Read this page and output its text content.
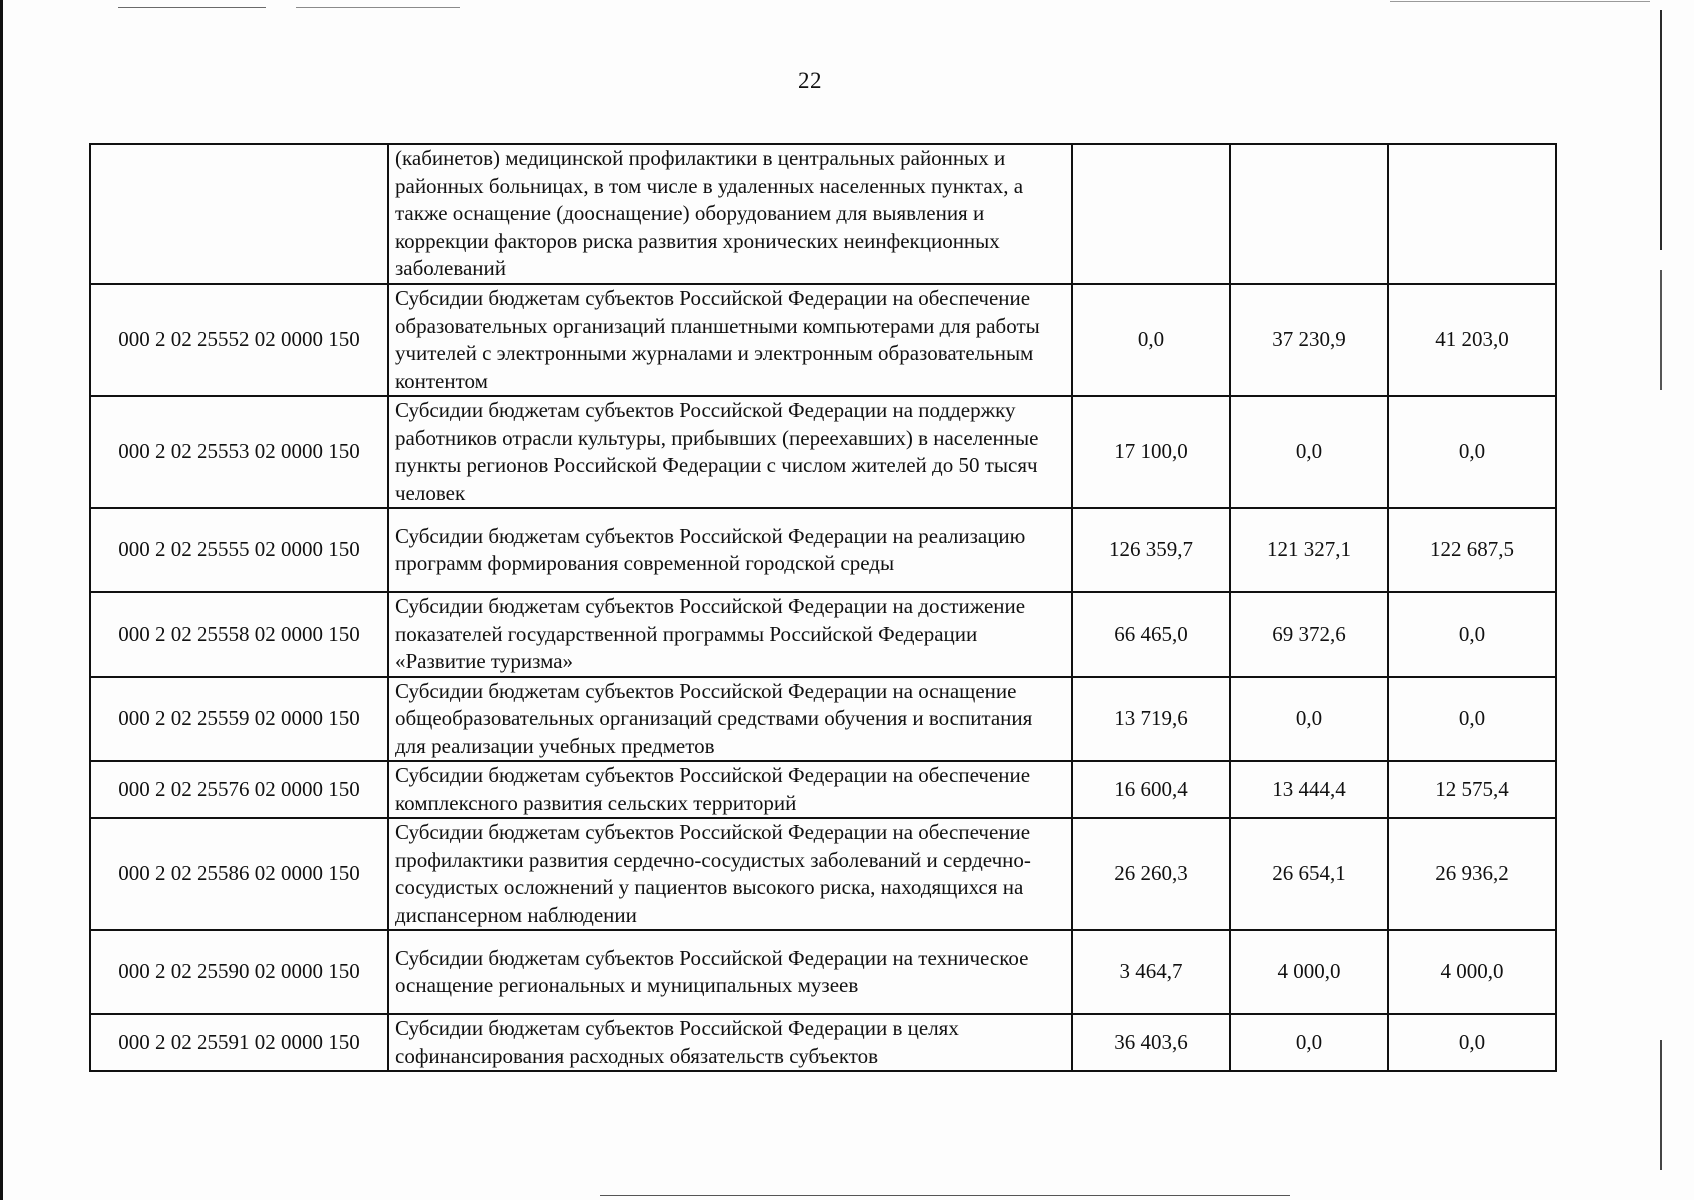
22
	(кабинетов) медицинской профилактики в центральных районных и районных больницах, в том числе в удаленных населенных пунктах, а также оснащение (дооснащение) оборудованием для выявления и коррекции факторов риска развития хронических неинфекционных заболеваний			
000 2 02 25552 02 0000 150	Субсидии бюджетам субъектов Российской Федерации на обеспечение образовательных организаций планшетными компьютерами для работы учителей с электронными журналами и электронным образовательным контентом	0,0	37 230,9	41 203,0
000 2 02 25553 02 0000 150	Субсидии бюджетам субъектов Российской Федерации на поддержку работников отрасли культуры, прибывших (переехавших) в населенные пункты регионов Российской Федерации с числом жителей до 50 тысяч человек	17 100,0	0,0	0,0
000 2 02 25555 02 0000 150	Субсидии бюджетам субъектов Российской Федерации на реализацию программ формирования современной городской среды	126 359,7	121 327,1	122 687,5
000 2 02 25558 02 0000 150	Субсидии бюджетам субъектов Российской Федерации на достижение показателей государственной программы Российской Федерации «Развитие туризма»	66 465,0	69 372,6	0,0
000 2 02 25559 02 0000 150	Субсидии бюджетам субъектов Российской Федерации на оснащение общеобразовательных организаций средствами обучения и воспитания для реализации учебных предметов	13 719,6	0,0	0,0
000 2 02 25576 02 0000 150	Субсидии бюджетам субъектов Российской Федерации на обеспечение комплексного развития сельских территорий	16 600,4	13 444,4	12 575,4
000 2 02 25586 02 0000 150	Субсидии бюджетам субъектов Российской Федерации на обеспечение профилактики развития сердечно-сосудистых заболеваний и сердечно-сосудистых осложнений у пациентов высокого риска, находящихся на диспансерном наблюдении	26 260,3	26 654,1	26 936,2
000 2 02 25590 02 0000 150	Субсидии бюджетам субъектов Российской Федерации на техническое оснащение региональных и муниципальных музеев	3 464,7	4 000,0	4 000,0
000 2 02 25591 02 0000 150	Субсидии бюджетам субъектов Российской Федерации в целях софинансирования расходных обязательств субъектов	36 403,6	0,0	0,0
